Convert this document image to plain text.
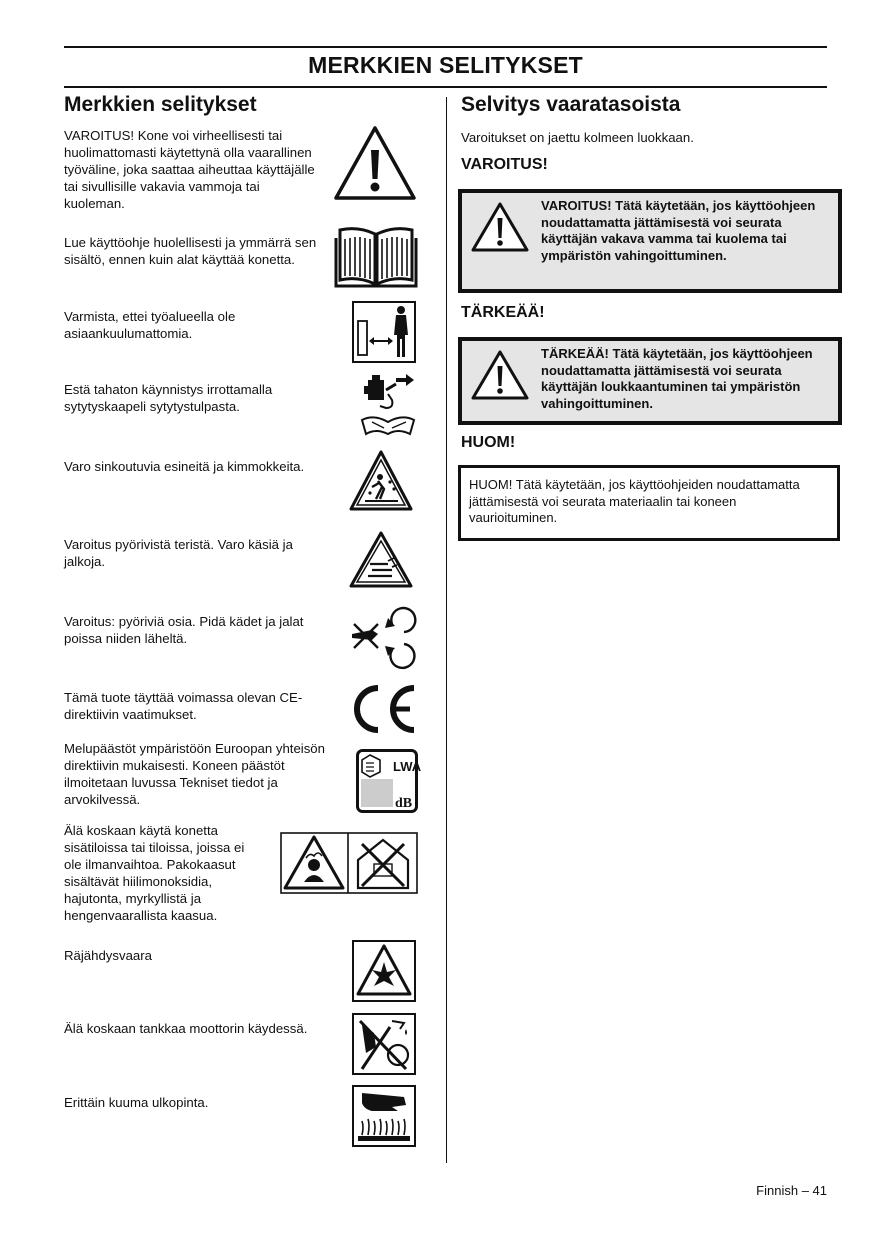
MERKKIEN SELITYKSET
Merkkien selitykset
VAROITUS! Kone voi virheellisesti tai huolimattomasti käytettynä olla vaarallinen työväline, joka saattaa aiheuttaa käyttäjälle tai sivullisille vakavia vammoja tai kuoleman.
Lue käyttöohje huolellisesti ja ymmärrä sen sisältö, ennen kuin alat käyttää konetta.
Varmista, ettei työalueella ole asiaankuulumattomia.
Estä tahaton käynnistys irrottamalla sytytyskaapeli sytytystulpasta.
Varo sinkoutuvia esineitä ja kimmokkeita.
Varoitus pyörivistä teristä. Varo käsiä ja jalkoja.
Varoitus: pyöriviä osia. Pidä kädet ja jalat poissa niiden läheltä.
Tämä tuote täyttää voimassa olevan CE-direktiivin vaatimukset.
Melupäästöt ympäristöön Euroopan yhteisön direktiivin mukaisesti. Koneen päästöt ilmoitetaan luvussa Tekniset tiedot ja arvokilvessä.
LWA
dB
Älä koskaan käytä konetta sisätiloissa tai tiloissa, joissa ei ole ilmanvaihtoa. Pakokaasut sisältävät hiilimonoksidia, hajutonta, myrkyllistä ja hengenvaarallista kaasua.
Räjähdysvaara
Älä koskaan tankkaa moottorin käydessä.
Erittäin kuuma ulkopinta.
Selvitys vaaratasoista
Varoitukset on jaettu kolmeen luokkaan.
VAROITUS!
VAROITUS! Tätä käytetään, jos käyttöohjeen noudattamatta jättämisestä voi seurata käyttäjän vakava vamma tai kuolema tai ympäristön vahingoittuminen.
TÄRKEÄÄ!
TÄRKEÄÄ! Tätä käytetään, jos käyttöohjeen noudattamatta jättämisestä voi seurata käyttäjän loukkaantuminen tai ympäristön vahingoittuminen.
HUOM!
HUOM! Tätä käytetään, jos käyttöohjeiden noudattamatta jättämisestä voi seurata materiaalin tai koneen vaurioituminen.
Finnish – 41
